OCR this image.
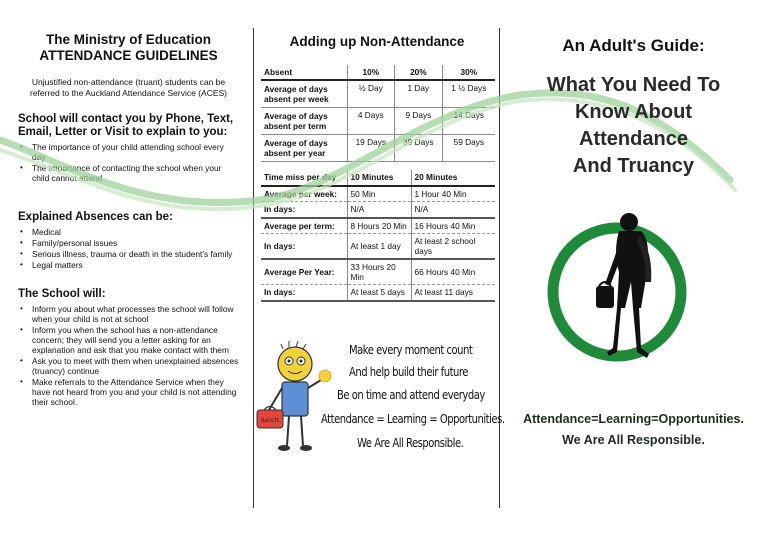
The Ministry of Education
ATTENDANCE GUIDELINES
Unjustified non-attendance (truant) students can be referred to the Auckland Attendance Service (ACES)
School will contact you by Phone, Text, Email, Letter or Visit to explain to you:
• The importance of your child attending school every day
• The importance of contacting the school when your child cannot attend
Explained Absences can be:
• Medical
• Family/personal issues
• Serious illness, trauma or death in the student's family
• Legal matters
The School will:
• Inform you about what processes the school will follow when your child is not at school
• Inform you when the school has a non-attendance concern; they will send you a letter asking for an explanation and ask that you make contact with them
• Ask you to meet with them when unexplained absences (truancy) continue
• Make referrals to the Attendance Service when they have not heard from you and your child is not attending their school.
Adding up Non-Attendance
Absent	10%	20%	30%
Average of days absent per week	½ Day	1 Day	1 ½ Days
Average of days absent per term	4 Days	9 Days	14 Days
Average of days absent per year	19 Days	39 Days	59 Days
Time miss per day	10 Minutes	20 Minutes
Average per week:	50 Min	1 Hour 40 Min
In days:	N/A	N/A
Average per term:	8 Hours 20 Min	16 Hours 40 Min
In days:	At least 1 day	At least 2 school days
Average Per Year:	33 Hours 20 Min	66 Hours 40 Min
In days:	At least 5 days	At least 11 days
lunch
Make every moment count
And help build their future
Be on time and attend everyday
Attendance = Learning = Opportunities.
We Are All Responsible.
An Adult's Guide:
What You Need To
Know About
Attendance
And Truancy
Attendance=Learning=Opportunities.
We Are All Responsible.
